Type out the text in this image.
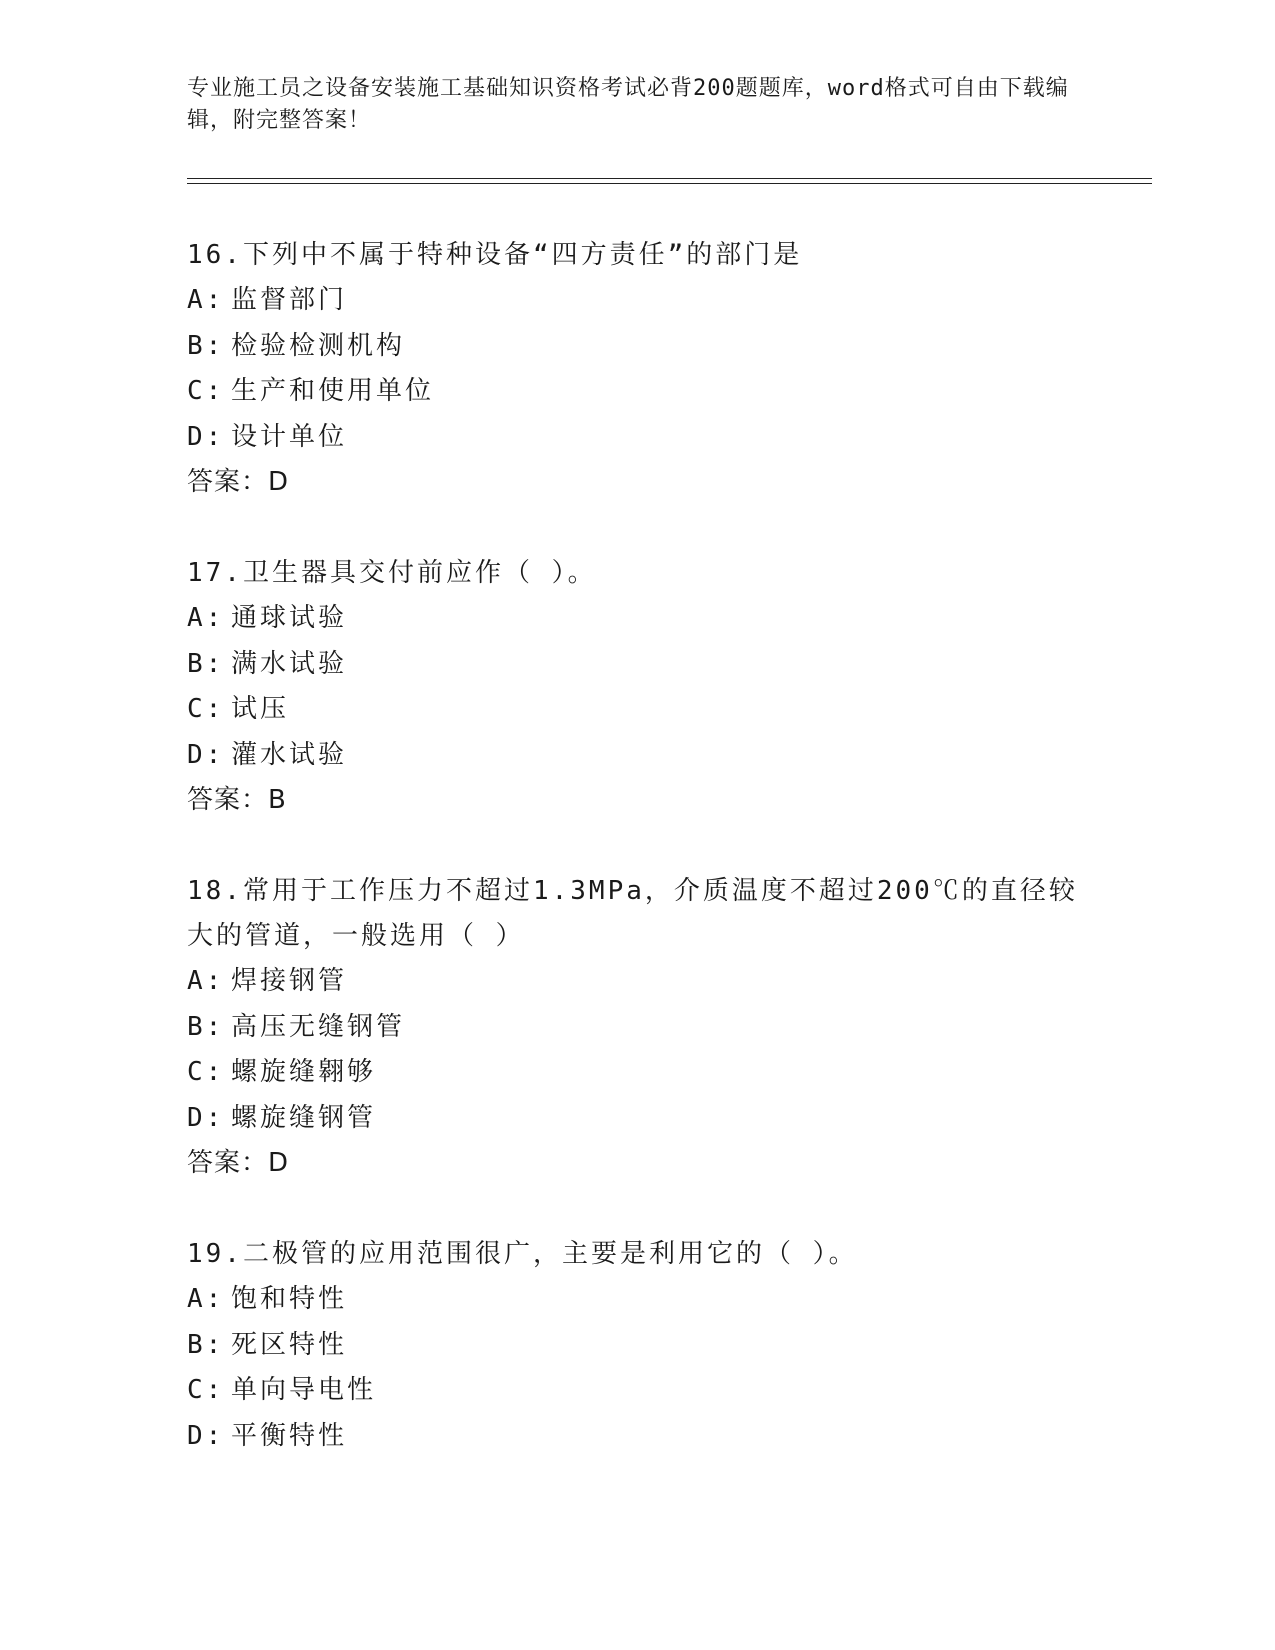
专业施工员之设备安装施工基础知识资格考试必背200题题库，word格式可自由下载编辑，附完整答案！

16.下列中不属于特种设备“四方责任”的部门是

A: 监督部门

B: 检验检测机构

C: 生产和使用单位

D: 设计单位

答案：D

17.卫生器具交付前应作（ ）。

A: 通球试验

B: 满水试验

C: 试压

D: 灌水试验

答案：B

18.常用于工作压力不超过1.3MPa，介质温度不超过200℃的直径较大的管道，一般选用（ ）

A: 焊接钢管

B: 高压无缝钢管

C: 螺旋缝翱够

D: 螺旋缝钢管

答案：D

19.二极管的应用范围很广，主要是利用它的（ ）。

A: 饱和特性

B: 死区特性

C: 单向导电性

D: 平衡特性
